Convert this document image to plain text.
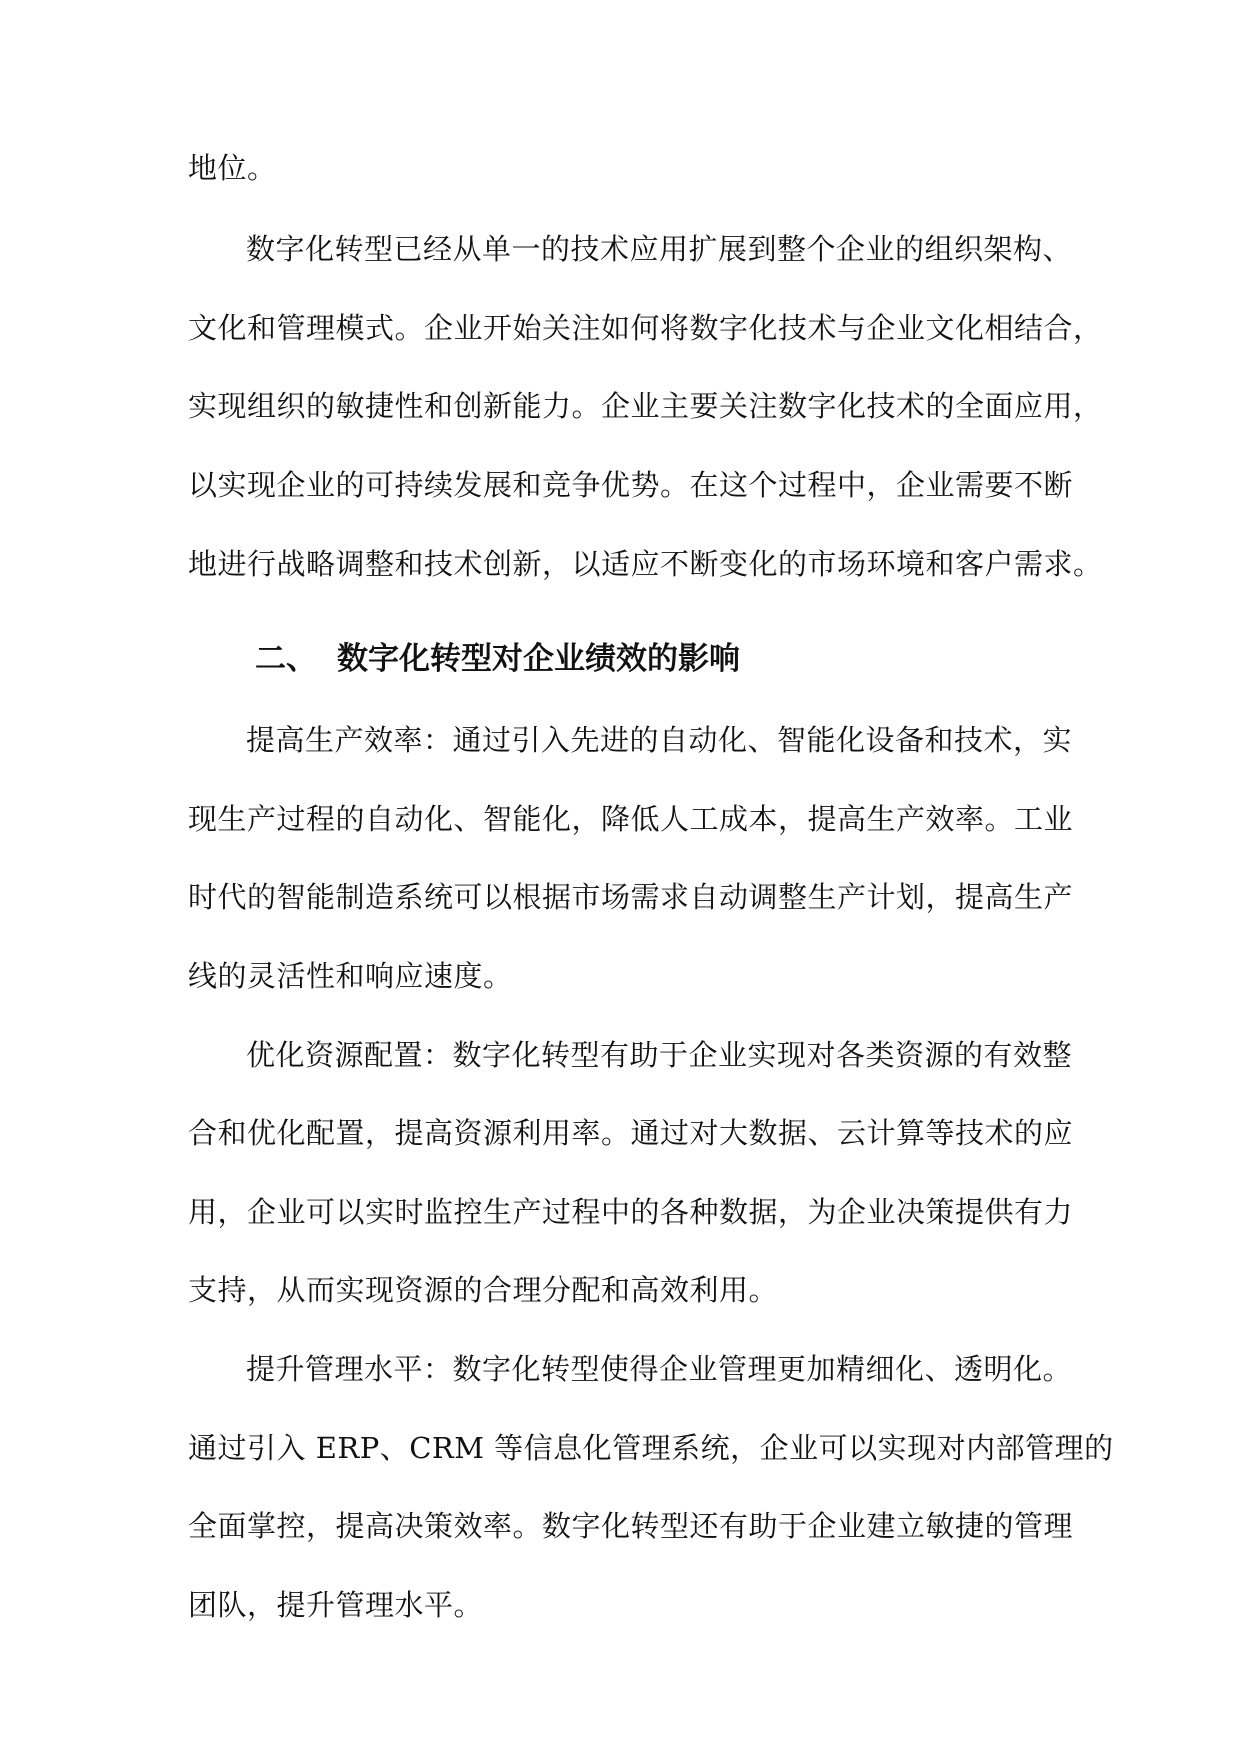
地位。
数字化转型已经从单一的技术应用扩展到整个企业的组织架构、
文化和管理模式。企业开始关注如何将数字化技术与企业文化相结合，
实现组织的敏捷性和创新能力。企业主要关注数字化技术的全面应用，
以实现企业的可持续发展和竞争优势。在这个过程中，企业需要不断
地进行战略调整和技术创新，以适应不断变化的市场环境和客户需求。
二、 数字化转型对企业绩效的影响
提高生产效率：通过引入先进的自动化、智能化设备和技术，实
现生产过程的自动化、智能化，降低人工成本，提高生产效率。工业
时代的智能制造系统可以根据市场需求自动调整生产计划，提高生产
线的灵活性和响应速度。
优化资源配置：数字化转型有助于企业实现对各类资源的有效整
合和优化配置，提高资源利用率。通过对大数据、云计算等技术的应
用，企业可以实时监控生产过程中的各种数据，为企业决策提供有力
支持，从而实现资源的合理分配和高效利用。
提升管理水平：数字化转型使得企业管理更加精细化、透明化。
通过引入 ERP、CRM 等信息化管理系统，企业可以实现对内部管理的
全面掌控，提高决策效率。数字化转型还有助于企业建立敏捷的管理
团队，提升管理水平。
